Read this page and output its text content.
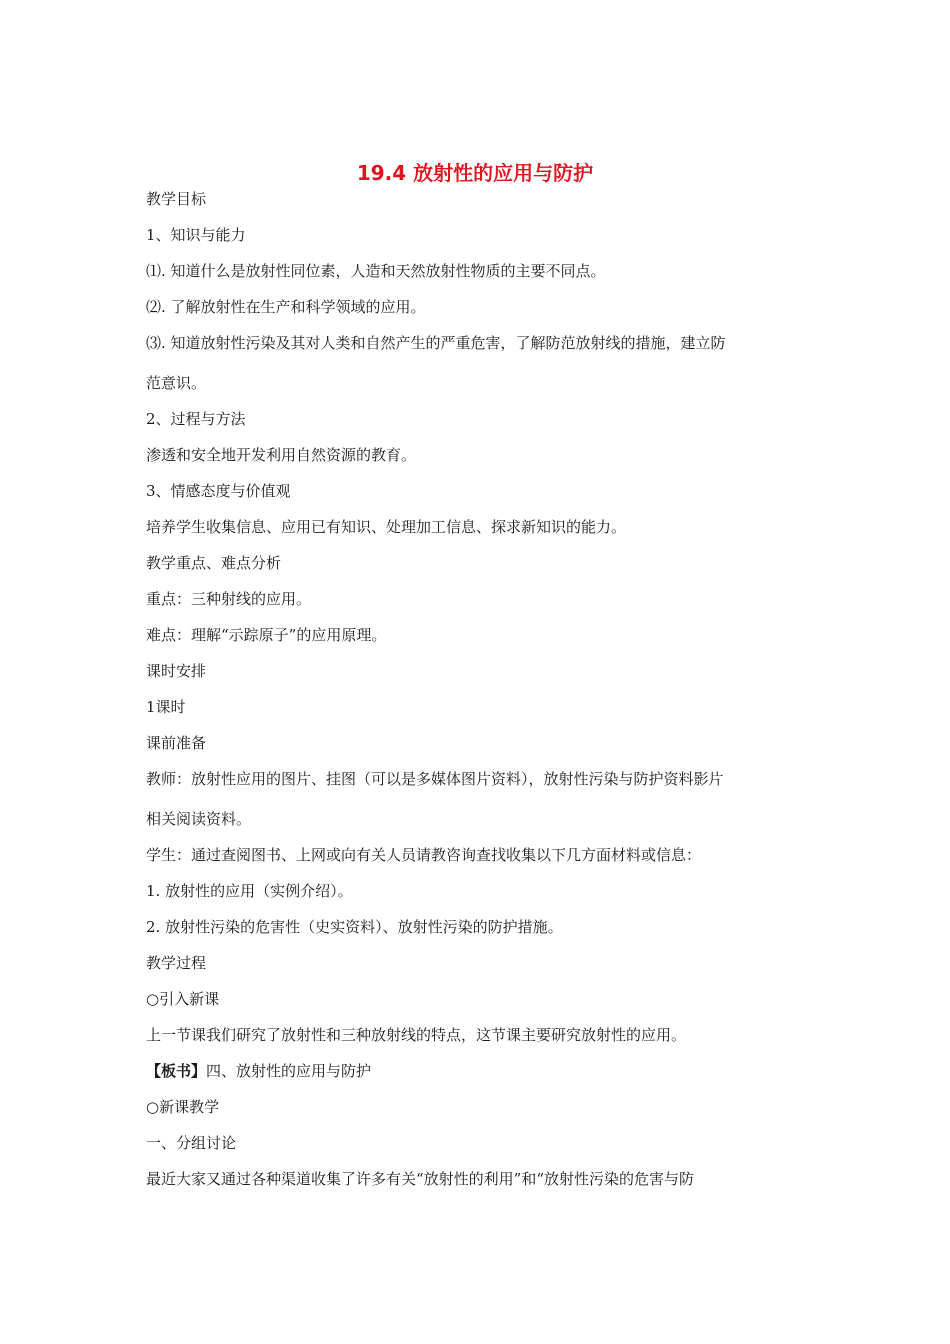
19.4 放射性的应用与防护
教学目标
1、知识与能力
⑴. 知道什么是放射性同位素，人造和天然放射性物质的主要不同点。
⑵. 了解放射性在生产和科学领域的应用。
⑶. 知道放射性污染及其对人类和自然产生的严重危害，了解防范放射线的措施，建立防
范意识。
2、过程与方法
渗透和安全地开发利用自然资源的教育。
3、情感态度与价值观
培养学生收集信息、应用已有知识、处理加工信息、探求新知识的能力。
教学重点、难点分析
重点：三种射线的应用。
难点：理解“示踪原子”的应用原理。
课时安排
1课时
课前准备
教师：放射性应用的图片、挂图（可以是多媒体图片资料），放射性污染与防护资料影片
相关阅读资料。
学生：通过查阅图书、上网或向有关人员请教咨询查找收集以下几方面材料或信息：
1. 放射性的应用（实例介绍）。
2. 放射性污染的危害性（史实资料）、放射性污染的防护措施。
教学过程
○引入新课
上一节课我们研究了放射性和三种放射线的特点，这节课主要研究放射性的应用。
【板书】四、放射性的应用与防护
○新课教学
一、分组讨论
最近大家又通过各种渠道收集了许多有关“放射性的利用”和“放射性污染的危害与防
